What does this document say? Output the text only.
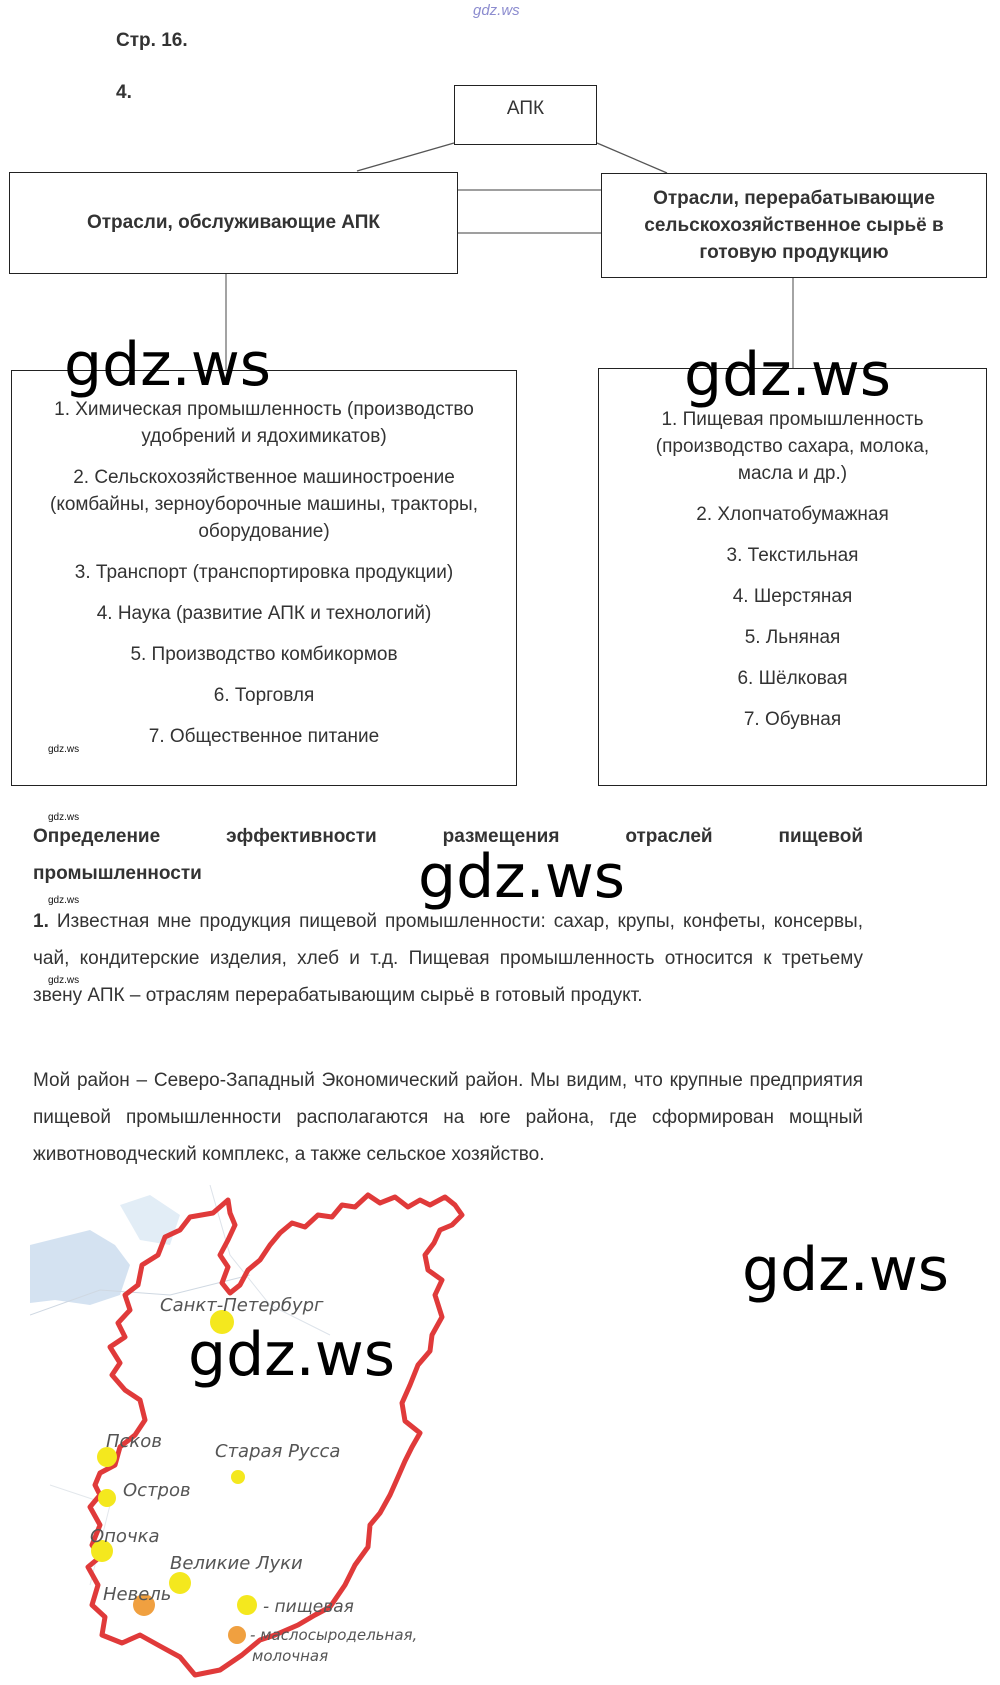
gdz.ws
Стр. 16.
4.
АПК
Отрасли, обслуживающие АПК
Отрасли, перерабатывающие сельскохозяйственное сырьё в готовую продукцию
1. Химическая промышленность (производство удобрений и ядохимикатов)
2. Сельскохозяйственное машиностроение (комбайны, зерноуборочные машины, тракторы, оборудование)
3. Транспорт (транспортировка продукции)
4. Наука (развитие АПК и технологий)
5. Производство комбикормов
6. Торговля
7. Общественное питание
1. Пищевая промышленность (производство сахара, молока, масла и др.)
2. Хлопчатобумажная
3. Текстильная
4. Шерстяная
5. Льняная
6. Шёлковая
7. Обувная
gdz.ws	gdz.ws
gdz.ws
gdz.ws
Определение эффективности размещения отраслей пищевой промышленности	gdz.ws
gdz.ws
gdz.ws
1. Известная мне продукция пищевой промышленности: сахар, крупы, конфеты, консервы, чай, кондитерские изделия, хлеб и т.д. Пищевая промышленность относится к третьему звену АПК – отраслям перерабатывающим сырьё в готовый продукт.
Мой район – Северо-Западный Экономический район. Мы видим, что крупные предприятия пищевой промышленности располагаются на юге района, где сформирован мощный животноводческий комплекс, а также сельское хозяйство.
Санкт-Петербург
Псков	Старая Русса
Остров
Опочка
Великие Луки
Невель
- пищевая
- маслосыродельная,
молочная
gdz.ws
gdz.ws
